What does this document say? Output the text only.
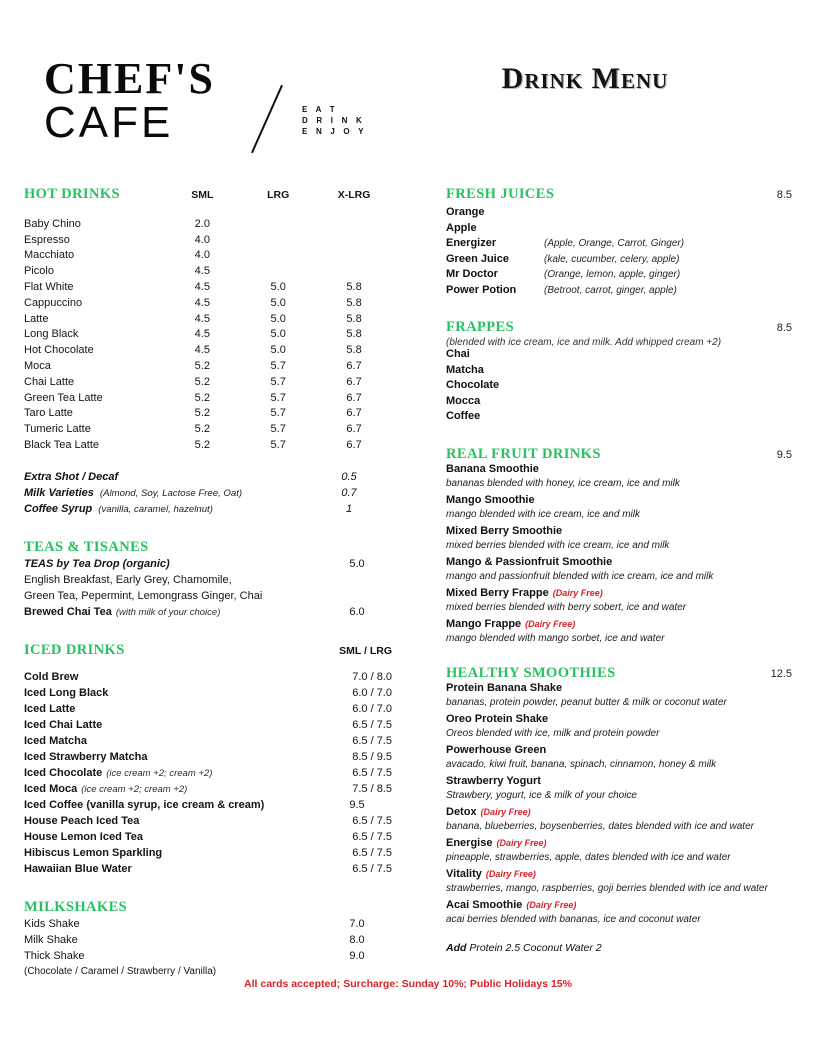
CHEF'S
CAFE	E A T
D R I N K
E N J O Y
Drink Menu
HOT DRINKS	SML	LRG	X-LRG
Baby Chino	2.0
Espresso	4.0
Macchiato	4.0
Picolo	4.5
Flat White	4.5	5.0	5.8
Cappuccino	4.5	5.0	5.8
Latte	4.5	5.0	5.8
Long Black	4.5	5.0	5.8
Hot Chocolate	4.5	5.0	5.8
Moca	5.2	5.7	6.7
Chai Latte	5.2	5.7	6.7
Green Tea Latte	5.2	5.7	6.7
Taro Latte	5.2	5.7	6.7
Tumeric Latte	5.2	5.7	6.7
Black Tea Latte	5.2	5.7	6.7
Extra Shot / Decaf	0.5
Milk Varieties (Almond, Soy, Lactose Free, Oat)	0.7
Coffee Syrup (vanilla, caramel, hazelnut)	1
TEAS & TISANES
TEAS by Tea Drop (organic)	5.0
English Breakfast, Early Grey, Chamomile,
Green Tea, Pepermint, Lemongrass Ginger, Chai
Brewed Chai Tea (with milk of your choice)	6.0
ICED DRINKS	SML / LRG
Cold Brew	7.0 / 8.0
Iced Long Black	6.0 / 7.0
Iced Latte	6.0 / 7.0
Iced Chai Latte	6.5 / 7.5
Iced Matcha	6.5 / 7.5
Iced Strawberry Matcha	8.5 / 9.5
Iced Chocolate (ice cream +2; cream +2)	6.5 / 7.5
Iced Moca (ice cream +2; cream +2)	7.5 / 8.5
Iced Coffee (vanilla syrup, ice cream & cream)	9.5
House Peach Iced Tea	6.5 / 7.5
House Lemon Iced Tea	6.5 / 7.5
Hibiscus Lemon Sparkling	6.5 / 7.5
Hawaiian Blue Water	6.5 / 7.5
MILKSHAKES
Kids Shake	7.0
Milk Shake	8.0
Thick Shake	9.0
(Chocolate / Caramel / Strawberry / Vanilla)
FRESH JUICES	8.5
Orange
Apple
Energizer	(Apple, Orange, Carrot, Ginger)
Green Juice	(kale, cucumber, celery, apple)
Mr Doctor	(Orange, lemon, apple, ginger)
Power Potion	(Betroot, carrot, ginger, apple)
FRAPPES	8.5
(blended with ice cream, ice and milk. Add whipped cream +2)
Chai
Matcha
Chocolate
Mocca
Coffee
REAL FRUIT DRINKS	9.5
Banana Smoothie
bananas blended with honey, ice cream, ice and milk
Mango Smoothie
mango blended with ice cream, ice and milk
Mixed Berry Smoothie
mixed berries blended with ice cream, ice and milk
Mango & Passionfruit Smoothie
mango and passionfruit blended with ice cream, ice and milk
Mixed Berry Frappe (Dairy Free)
mixed berries blended with berry sobert, ice and water
Mango Frappe (Dairy Free)
mango blended with mango sorbet, ice and water
HEALTHY SMOOTHIES	12.5
Protein Banana Shake
bananas, protein powder, peanut butter & milk or coconut water
Oreo Protein Shake
Oreos blended with ice, milk and protein powder
Powerhouse Green
avacado, kiwi fruit, banana, spinach, cinnamon, honey & milk
Strawberry Yogurt
Strawbery, yogurt, ice & milk of your choice
Detox (Dairy Free)
banana, blueberries, boysenberries, dates blended with ice and water
Energise (Dairy Free)
pineapple, strawberries, apple, dates blended with ice and water
Vitality (Dairy Free)
strawberries, mango, raspberries, goji berries blended with ice and water
Acai Smoothie (Dairy Free)
acai berries blended with bananas, ice and coconut water
Add Protein 2.5 Coconut Water 2
All cards accepted; Surcharge: Sunday 10%; Public Holidays 15%
